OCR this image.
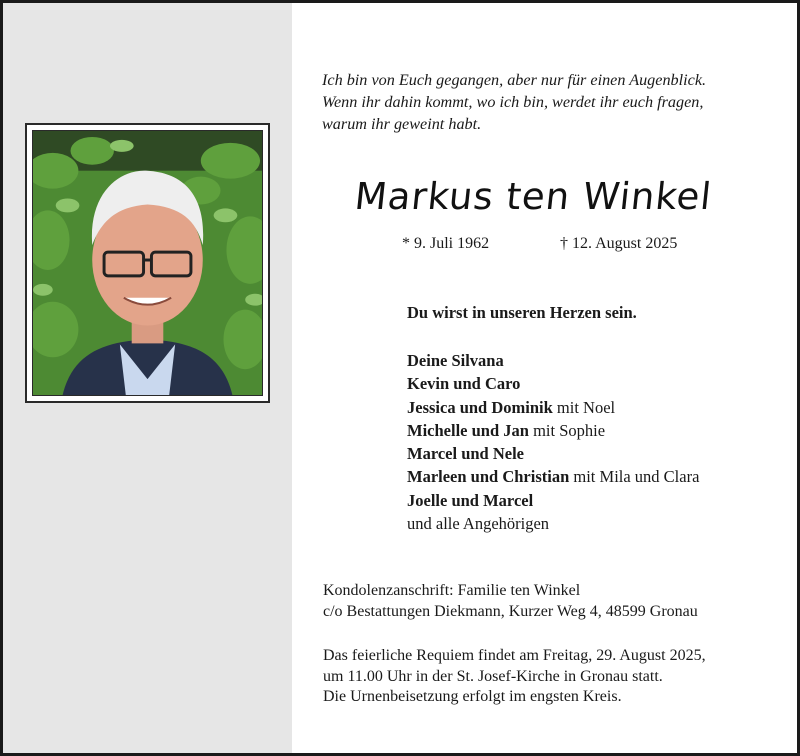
Ich bin von Euch gegangen, aber nur für einen Augenblick.
Wenn ihr dahin kommt, wo ich bin, werdet ihr euch fragen,
warum ihr geweint habt.
Markus ten Winkel
* 9. Juli 1962	† 12. August 2025
Du wirst in unseren Herzen sein.
Deine Silvana
Kevin und Caro
Jessica und Dominik mit Noel
Michelle und Jan mit Sophie
Marcel und Nele
Marleen und Christian mit Mila und Clara
Joelle und Marcel
und alle Angehörigen
Kondolenzanschrift: Familie ten Winkel
c/o Bestattungen Diekmann, Kurzer Weg 4, 48599 Gronau
Das feierliche Requiem findet am Freitag, 29. August 2025,
um 11.00 Uhr in der St. Josef-Kirche in Gronau statt.
Die Urnenbeisetzung erfolgt im engsten Kreis.
